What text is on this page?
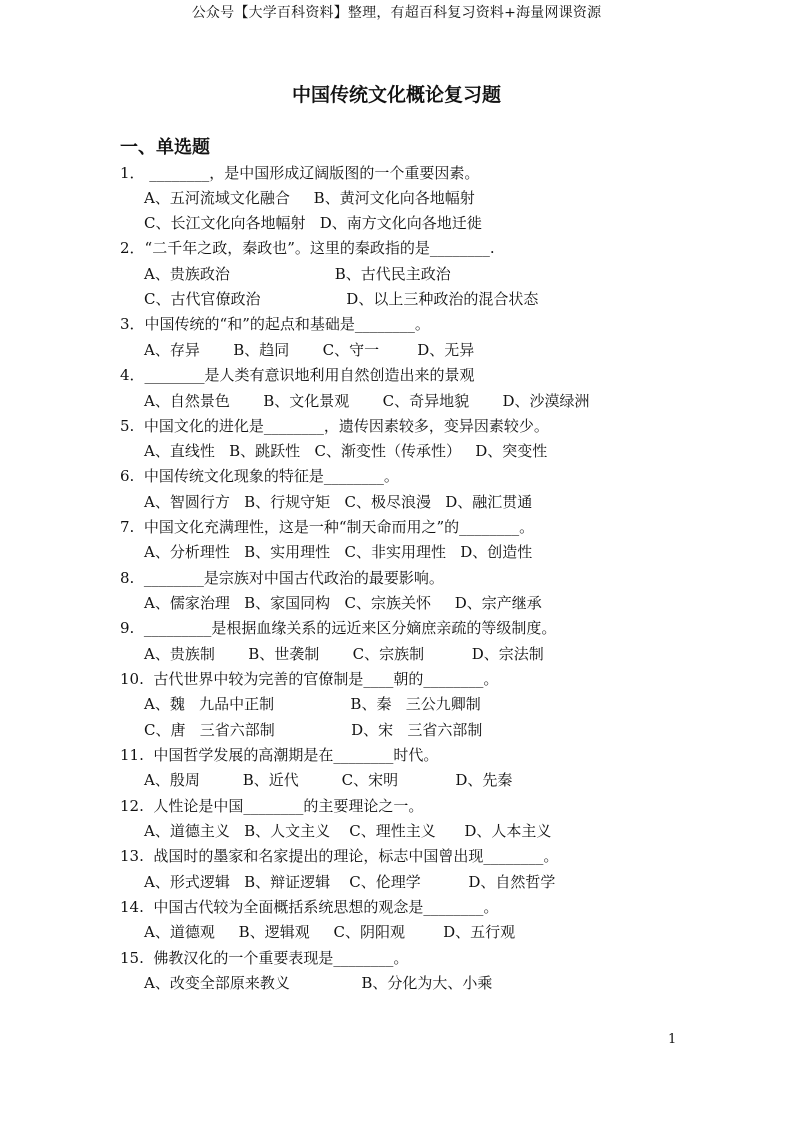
公众号【大学百科资料】整理，有超百科复习资料+海量网课资源
中国传统文化概论复习题
一、单选题
1． ________，是中国形成辽阔版图的一个重要因素。
A、五河流域文化融合     B、黄河文化向各地幅射
C、长江文化向各地幅射   D、南方文化向各地迁徙
2．“二千年之政，秦政也”。这里的秦政指的是________.
A、贵族政治                      B、古代民主政治
C、古代官僚政治                  D、以上三种政治的混合状态
3．中国传统的“和”的起点和基础是________。
A、存异       B、趋同       C、守一        D、无异
4．________是人类有意识地利用自然创造出来的景观
A、自然景色       B、文化景观       C、奇异地貌       D、沙漠绿洲
5.  中国文化的进化是________，遗传因素较多，变异因素较少。
A、直线性   B、跳跃性   C、渐变性（传承性）   D、突变性
6.  中国传统文化现象的特征是________。
A、智圆行方   B、行规守矩   C、极尽浪漫   D、融汇贯通
7.  中国文化充满理性，这是一种“制天命而用之”的________。
A、分析理性   B、实用理性   C、非实用理性   D、创造性
8.  ________是宗族对中国古代政治的最要影响。
A、儒家治理   B、家国同构   C、宗族关怀     D、宗产继承
9.  _________是根据血缘关系的远近来区分嫡庶亲疏的等级制度。
A、贵族制       B、世袭制       C、宗族制          D、宗法制
10.  古代世界中较为完善的官僚制是____朝的________。
A、魏   九品中正制                B、秦   三公九卿制
C、唐   三省六部制                D、宋   三省六部制
11.  中国哲学发展的高潮期是在________时代。
A、殷周         B、近代         C、宋明            D、先秦
12.  人性论是中国________的主要理论之一。
A、道德主义   B、人文主义    C、理性主义      D、人本主义
13.  战国时的墨家和名家提出的理论，标志中国曾出现________。
A、形式逻辑   B、辩证逻辑    C、伦理学          D、自然哲学
14.  中国古代较为全面概括系统思想的观念是________。
A、道德观     B、逻辑观     C、阴阳观        D、五行观
15.  佛教汉化的一个重要表现是________。
A、改变全部原来教义               B、分化为大、小乘
1
